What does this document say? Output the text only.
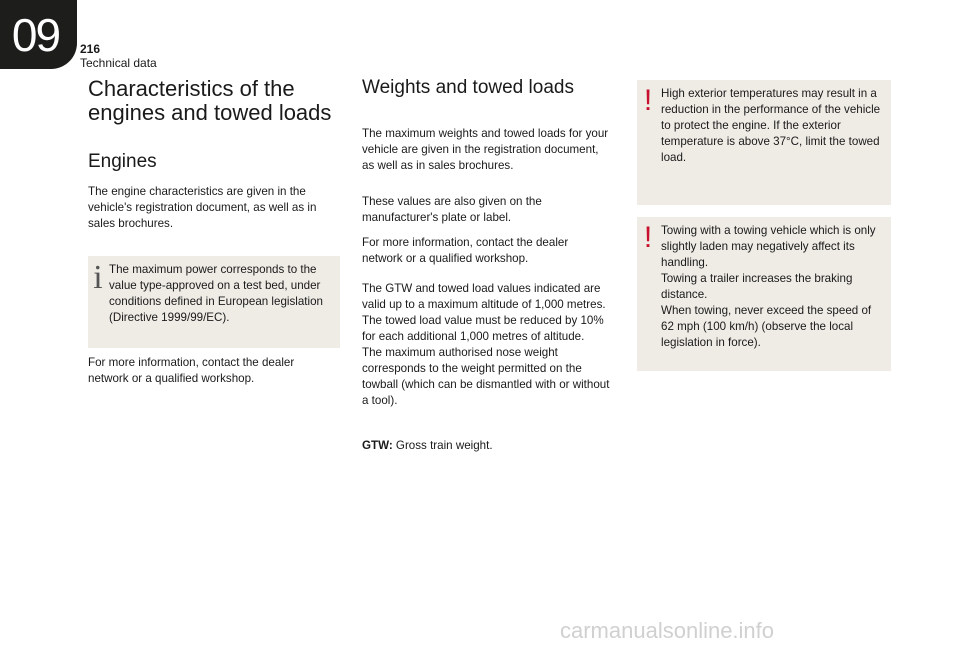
09	216
Technical data
Characteristics of the engines and towed loads
Engines

The engine characteristics are given in the vehicle's registration document, as well as in sales brochures.

i The maximum power corresponds to the value type-approved on a test bed, under conditions defined in European legislation (Directive 1999/99/EC).

For more information, contact the dealer network or a qualified workshop.

Weights and towed loads

The maximum weights and towed loads for your vehicle are given in the registration document, as well as in sales brochures.

These values are also given on the manufacturer's plate or label.

For more information, contact the dealer network or a qualified workshop.

The GTW and towed load values indicated are valid up to a maximum altitude of 1,000 metres. The towed load value must be reduced by 10% for each additional 1,000 metres of altitude.

The maximum authorised nose weight corresponds to the weight permitted on the towball (which can be dismantled with or without a tool).

GTW: Gross train weight.

! High exterior temperatures may result in a reduction in the performance of the vehicle to protect the engine. If the exterior temperature is above 37°C, limit the towed load.

! Towing with a towing vehicle which is only slightly laden may negatively affect its handling.

Towing a trailer increases the braking distance.

When towing, never exceed the speed of 62 mph (100 km/h) (observe the local legislation in force).

carmanualsonline.info
